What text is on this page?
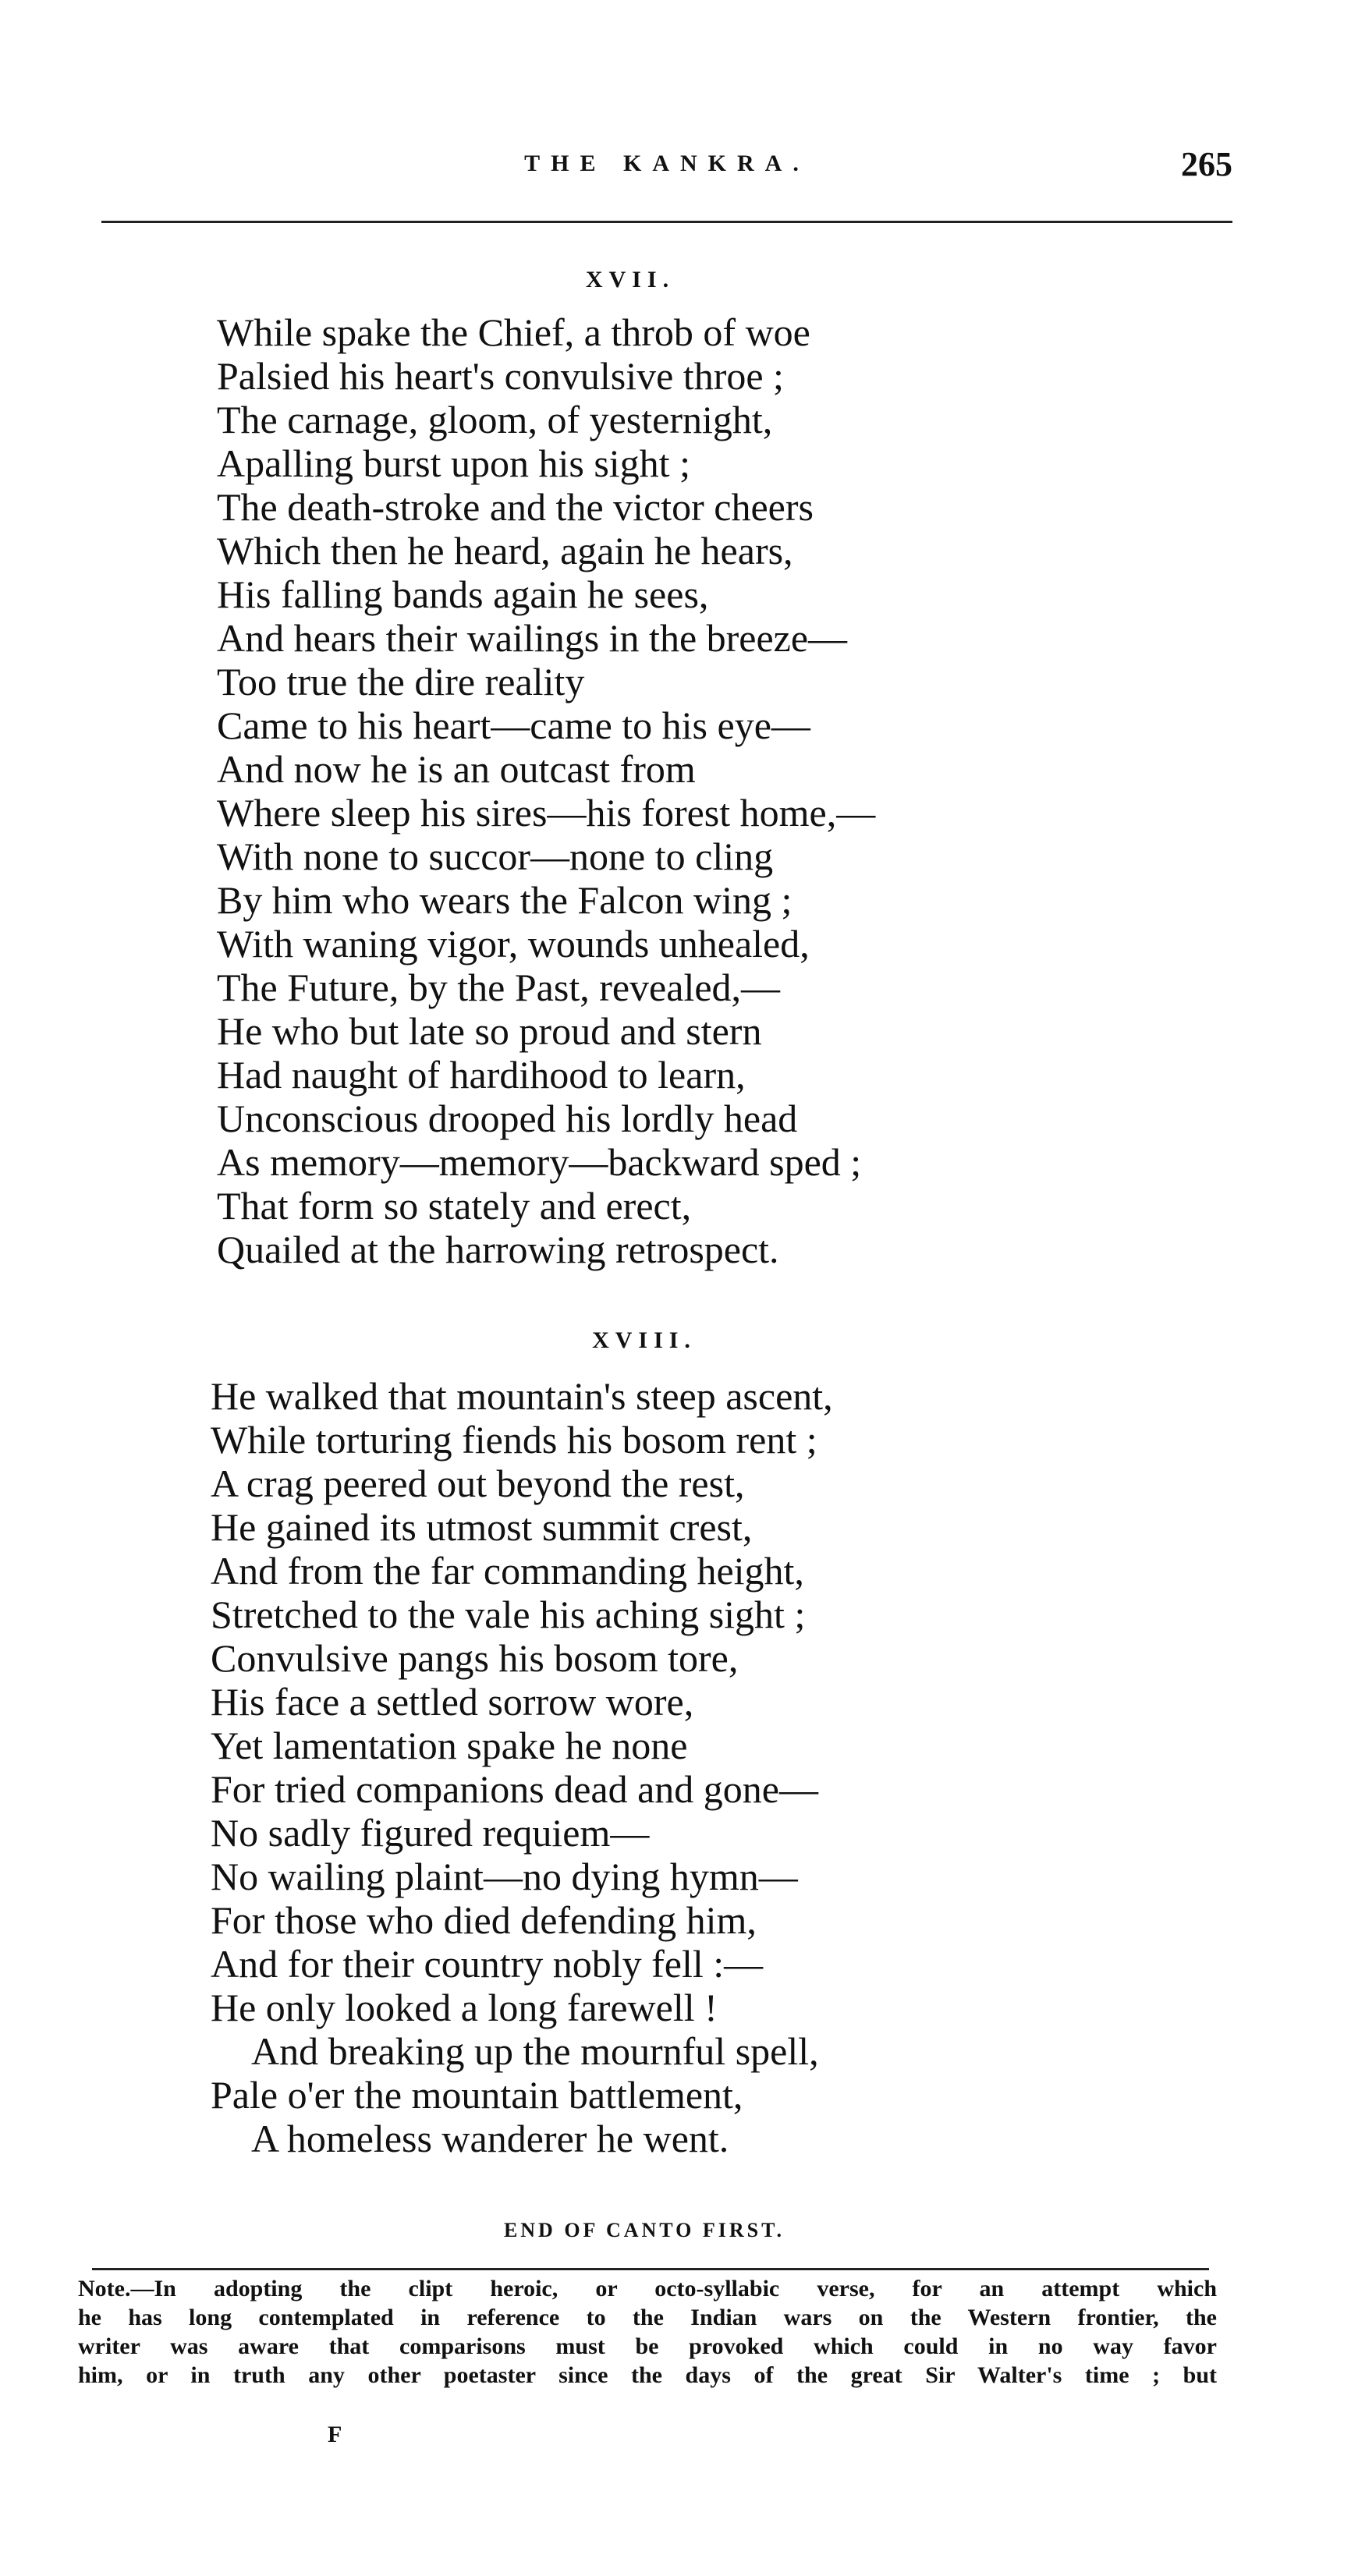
THE KANKRA.	265
XVII.
While spake the Chief, a throb of woe
Palsied his heart's convulsive throe ;
The carnage, gloom, of yesternight,
Apalling burst upon his sight ;
The death-stroke and the victor cheers
Which then he heard, again he hears,
His falling bands again he sees,
And hears their wailings in the breeze—
Too true the dire reality
Came to his heart—came to his eye—
And now he is an outcast from
Where sleep his sires—his forest home,—
With none to succor—none to cling
By him who wears the Falcon wing ;
With waning vigor, wounds unhealed,
The Future, by the Past, revealed,—
He who but late so proud and stern
Had naught of hardihood to learn,
Unconscious drooped his lordly head
As memory—memory—backward sped ;
That form so stately and erect,
Quailed at the harrowing retrospect.
XVIII.
He walked that mountain's steep ascent,
While torturing fiends his bosom rent ;
A crag peered out beyond the rest,
He gained its utmost summit crest,
And from the far commanding height,
Stretched to the vale his aching sight ;
Convulsive pangs his bosom tore,
His face a settled sorrow wore,
Yet lamentation spake he none
For tried companions dead and gone—
No sadly figured requiem—
No wailing plaint—no dying hymn—
For those who died defending him,
And for their country nobly fell :—
He only looked a long farewell !
And breaking up the mournful spell,
Pale o'er the mountain battlement,
A homeless wanderer he went.
END OF CANTO FIRST.

Note.—In adopting the clipt heroic, or octo-syllabic verse, for an attempt which
he has long contemplated in reference to the Indian wars on the Western frontier, the
writer was aware that comparisons must be provoked which could in no way favor
him, or in truth any other poetaster since the days of the great Sir Walter's time ; but

F
